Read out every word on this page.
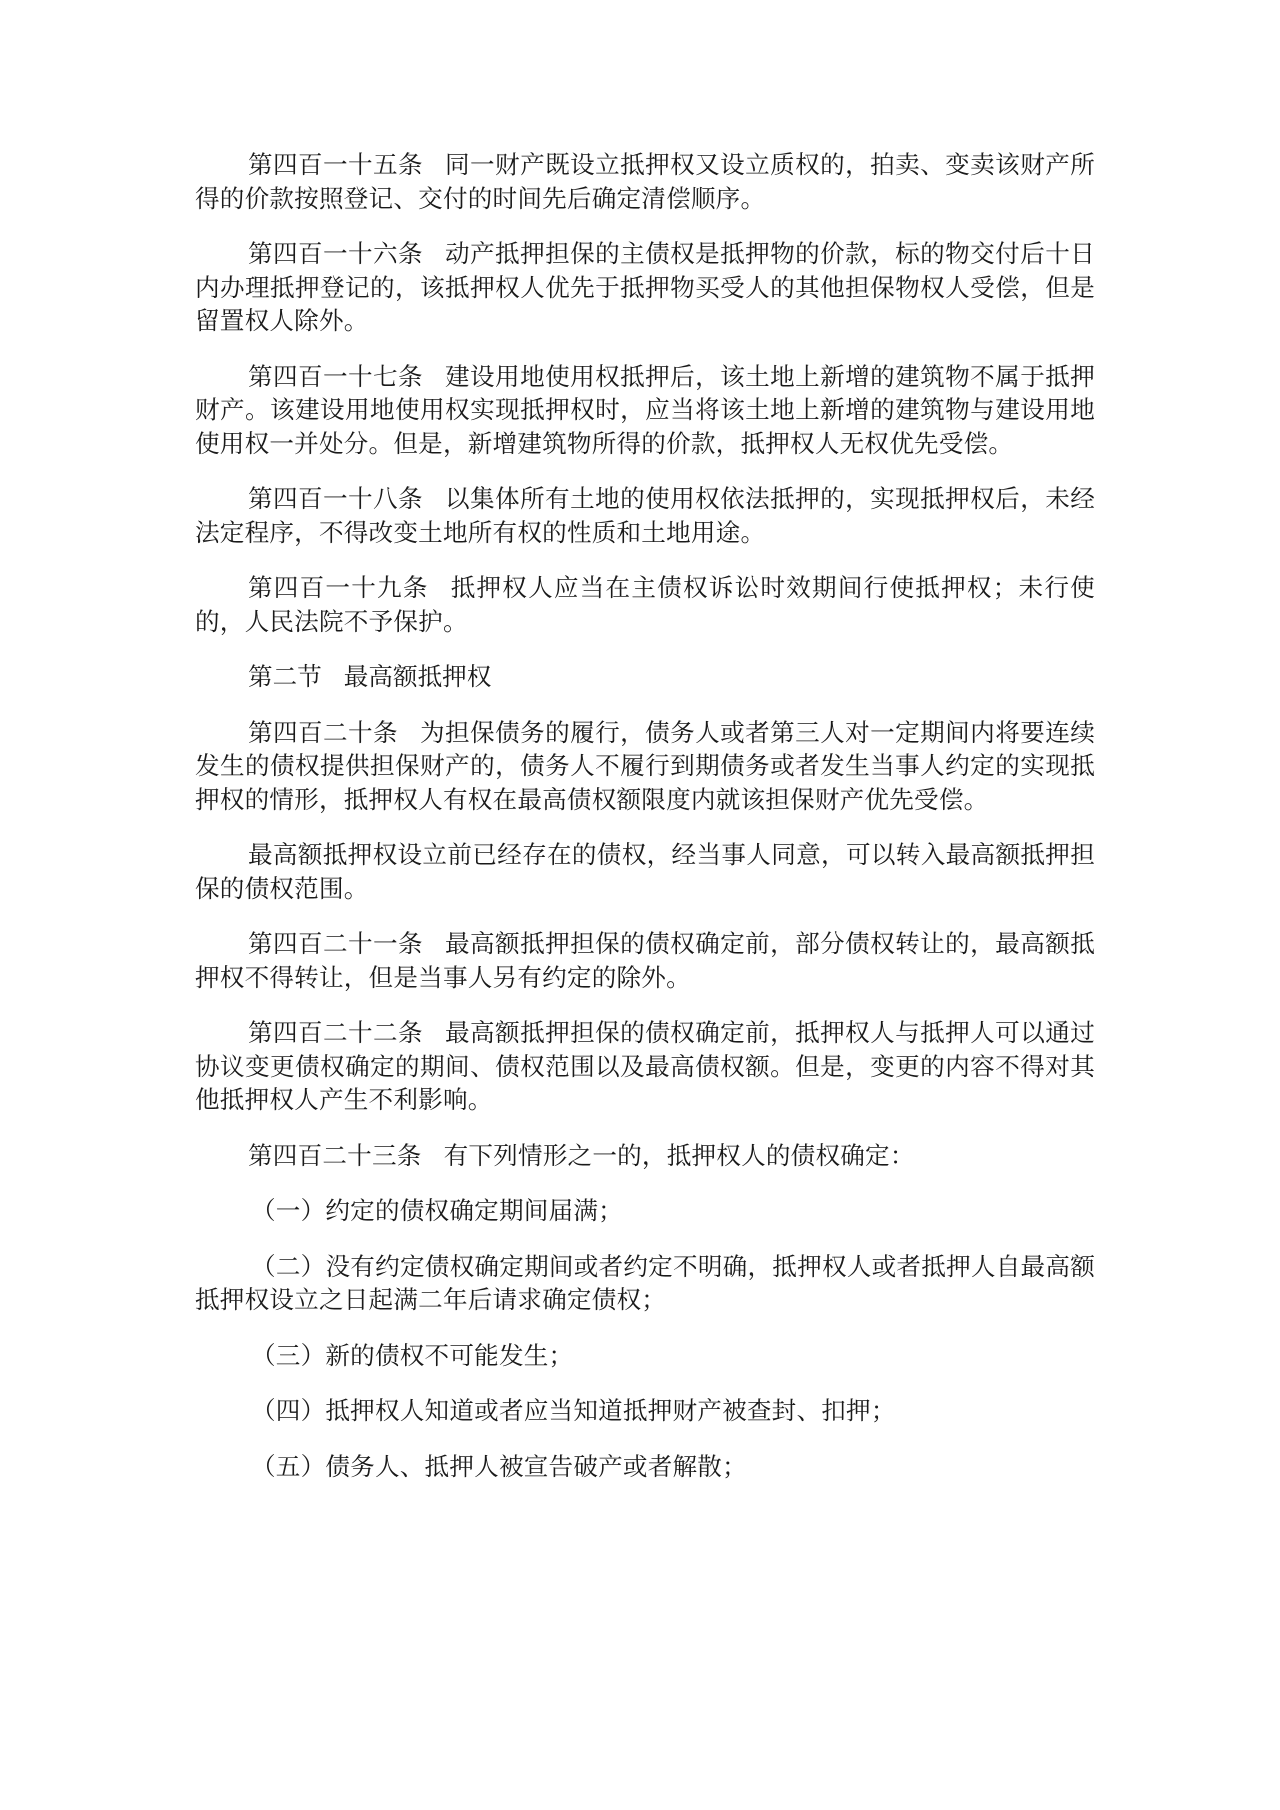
第四百一十五条 同一财产既设立抵押权又设立质权的，拍卖、变卖该财产所得的价款按照登记、交付的时间先后确定清偿顺序。

第四百一十六条 动产抵押担保的主债权是抵押物的价款，标的物交付后十日内办理抵押登记的，该抵押权人优先于抵押物买受人的其他担保物权人受偿，但是留置权人除外。

第四百一十七条 建设用地使用权抵押后，该土地上新增的建筑物不属于抵押财产。该建设用地使用权实现抵押权时，应当将该土地上新增的建筑物与建设用地使用权一并处分。但是，新增建筑物所得的价款，抵押权人无权优先受偿。

第四百一十八条 以集体所有土地的使用权依法抵押的，实现抵押权后，未经法定程序，不得改变土地所有权的性质和土地用途。

第四百一十九条 抵押权人应当在主债权诉讼时效期间行使抵押权；未行使的，人民法院不予保护。

第二节 最高额抵押权

第四百二十条 为担保债务的履行，债务人或者第三人对一定期间内将要连续发生的债权提供担保财产的，债务人不履行到期债务或者发生当事人约定的实现抵押权的情形，抵押权人有权在最高债权额限度内就该担保财产优先受偿。

最高额抵押权设立前已经存在的债权，经当事人同意，可以转入最高额抵押担保的债权范围。

第四百二十一条 最高额抵押担保的债权确定前，部分债权转让的，最高额抵押权不得转让，但是当事人另有约定的除外。

第四百二十二条 最高额抵押担保的债权确定前，抵押权人与抵押人可以通过协议变更债权确定的期间、债权范围以及最高债权额。但是，变更的内容不得对其他抵押权人产生不利影响。

第四百二十三条 有下列情形之一的，抵押权人的债权确定：

（一）约定的债权确定期间届满；

（二）没有约定债权确定期间或者约定不明确，抵押权人或者抵押人自最高额抵押权设立之日起满二年后请求确定债权；

（三）新的债权不可能发生；

（四）抵押权人知道或者应当知道抵押财产被查封、扣押；

（五）债务人、抵押人被宣告破产或者解散；
